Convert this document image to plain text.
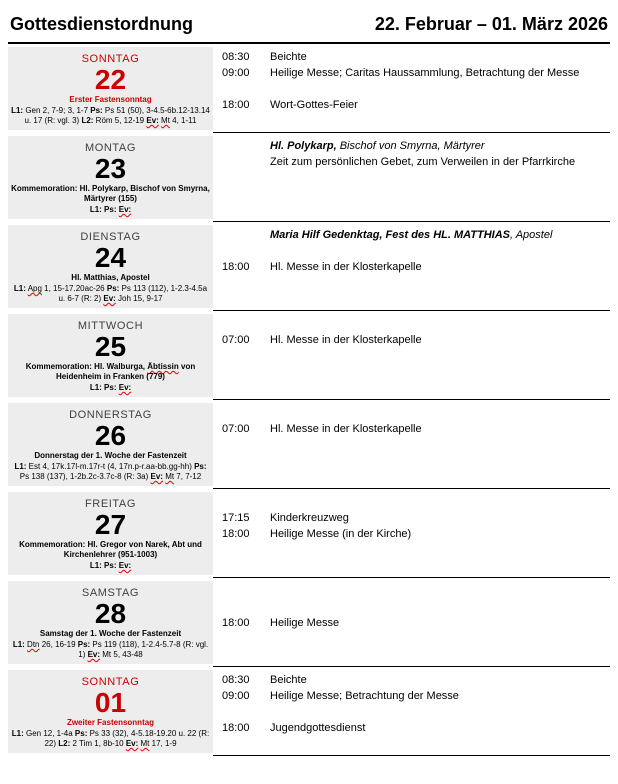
Gottesdienstordnung	22. Februar – 01. März 2026
SONNTAG
22
Erster Fastensonntag
L1: Gen 2, 7-9; 3, 1-7 Ps: Ps 51 (50), 3-4.5-6b.12-13.14 u. 17 (R: vgl. 3) L2: Röm 5, 12-19 Ev: Mt 4, 1-11
08:30	Beichte
09:00	Heilige Messe; Caritas Haussammlung, Betrachtung der Messe

18:00	Wort-Gottes-Feier
MONTAG
23
Kommemoration: Hl. Polykarp, Bischof von Smyrna, Märtyrer (155)
L1: Ps: Ev:

Hl. Polykarp, Bischof von Smyrna, Märtyrer

Zeit zum persönlichen Gebet, zum Verweilen in der Pfarrkirche
DIENSTAG
24
Hl. Matthias, Apostel
L1: Apg 1, 15-17.20ac-26 Ps: Ps 113 (112), 1-2.3-4.5a u. 6-7 (R: 2) Ev: Joh 15, 9-17

Maria Hilf Gedenktag, Fest des HL. MATTHIAS, Apostel

18:00	Hl. Messe in der Klosterkapelle
MITTWOCH
25
Kommemoration: Hl. Walburga, Äbtissin von Heidenheim in Franken (779)
L1: Ps: Ev:

07:00	Hl. Messe in der Klosterkapelle
DONNERSTAG
26
Donnerstag der 1. Woche der Fastenzeit
L1: Est 4, 17k.17l-m.17r-t (4, 17n.p-r.aa-bb.gg-hh) Ps: Ps 138 (137), 1-2b.2c-3.7c-8 (R: 3a) Ev: Mt 7, 7-12

07:00	Hl. Messe in der Klosterkapelle
FREITAG
27
Kommemoration: Hl. Gregor von Narek, Abt und Kirchenlehrer (951-1003)
L1: Ps: Ev:

17:15	Kinderkreuzweg
18:00	Heilige Messe (in der Kirche)
SAMSTAG
28
Samstag der 1. Woche der Fastenzeit
L1: Dtn 26, 16-19 Ps: Ps 119 (118), 1-2.4-5.7-8 (R: vgl. 1) Ev: Mt 5, 43-48

18:00	Heilige Messe
SONNTAG
01
Zweiter Fastensonntag
L1: Gen 12, 1-4a Ps: Ps 33 (32), 4-5.18-19.20 u. 22 (R: 22) L2: 2 Tim 1, 8b-10 Ev: Mt 17, 1-9
08:30	Beichte
09:00	Heilige Messe; Betrachtung der Messe

18:00	Jugendgottesdienst
